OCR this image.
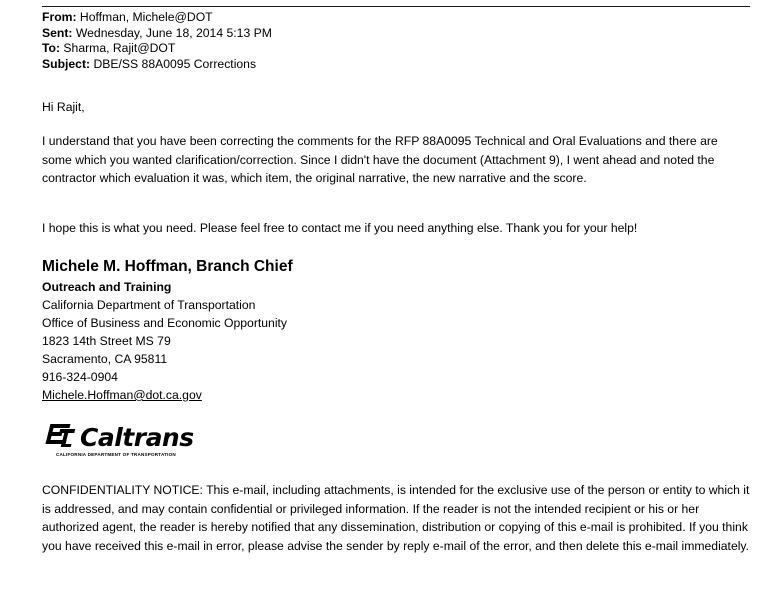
From: Hoffman, Michele@DOT
Sent: Wednesday, June 18, 2014 5:13 PM
To: Sharma, Rajit@DOT
Subject: DBE/SS 88A0095 Corrections
Hi Rajit,

I understand that you have been correcting the comments for the RFP 88A0095 Technical and Oral Evaluations and there are some which you wanted clarification/correction. Since I didn't have the document (Attachment 9), I went ahead and noted the contractor which evaluation it was, which item, the original narrative, the new narrative and the score.

I hope this is what you need. Please feel free to contact me if you need anything else. Thank you for your help!

Michele M. Hoffman, Branch Chief
Outreach and Training
California Department of Transportation
Office of Business and Economic Opportunity
1823 14th Street MS 79
Sacramento, CA 95811
916-324-0904
Michele.Hoffman@dot.ca.gov
Caltrans
CALIFORNIA DEPARTMENT OF TRANSPORTATION

CONFIDENTIALITY NOTICE: This e-mail, including attachments, is intended for the exclusive use of the person or entity to which it is addressed, and may contain confidential or privileged information. If the reader is not the intended recipient or his or her authorized agent, the reader is hereby notified that any dissemination, distribution or copying of this e-mail is prohibited. If you think you have received this e-mail in error, please advise the sender by reply e-mail of the error, and then delete this e-mail immediately.
